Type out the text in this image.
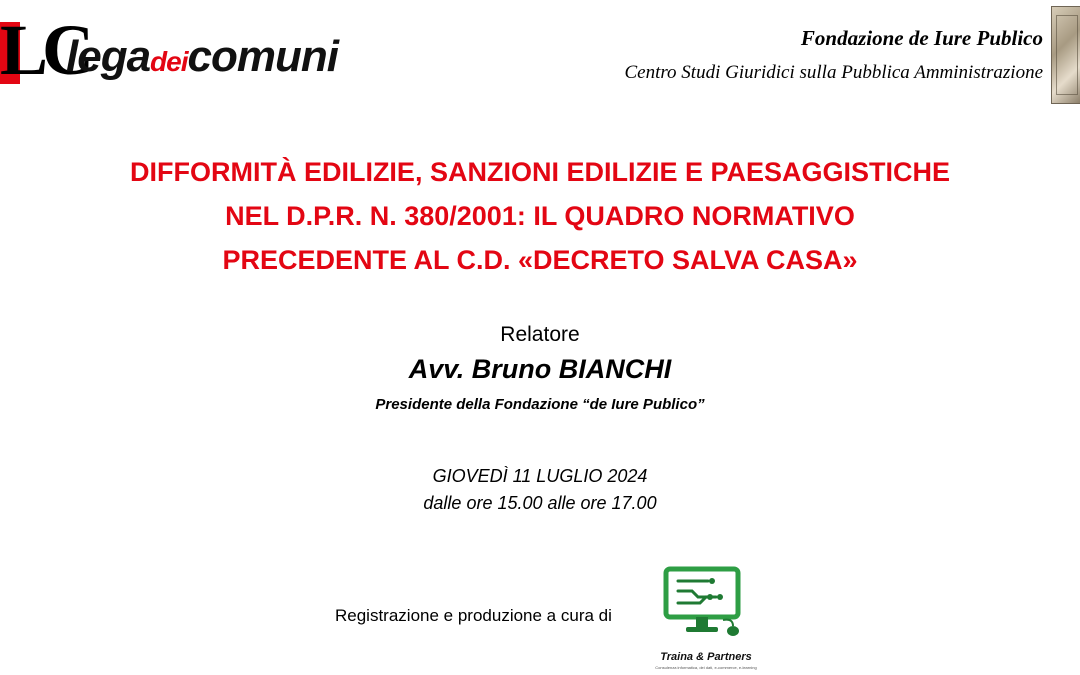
LC
legadeicomuni	Fondazione de Iure Publico
Centro Studi Giuridici sulla Pubblica Amministrazione
DIFFORMITÀ EDILIZIE, SANZIONI EDILIZIE E PAESAGGISTICHE
NEL D.P.R. N. 380/2001: IL QUADRO NORMATIVO
PRECEDENTE AL C.D. «DECRETO SALVA CASA»
Relatore
Avv. Bruno BIANCHI
Presidente della Fondazione “de Iure Publico”
GIOVEDÌ 11 LUGLIO 2024
dalle ore 15.00 alle ore 17.00
Registrazione e produzione a cura di
Traina & Partners
Consulenza informatica, dei dati, e-commerce, e-learning
